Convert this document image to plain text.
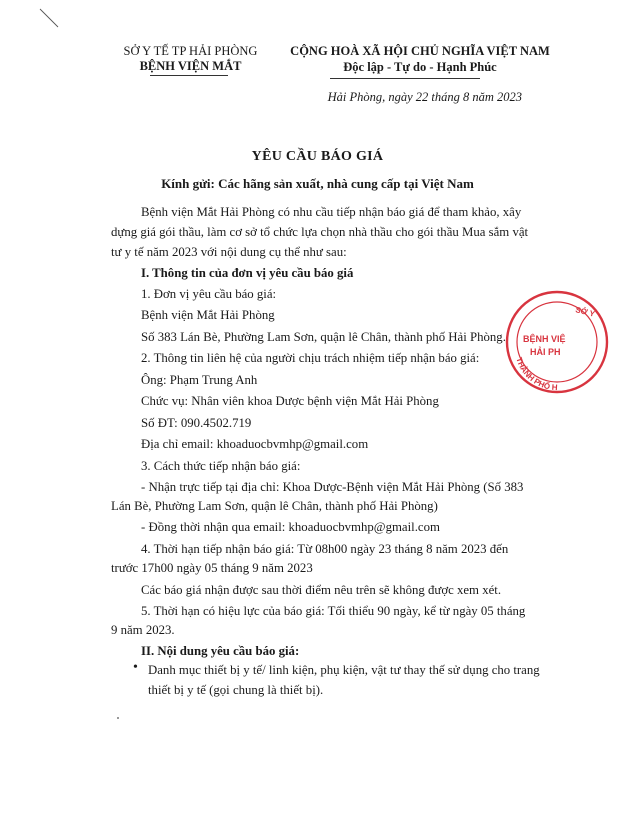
SỞ Y TẾ TP HẢI PHÒNG
BỆNH VIỆN MẮT
CỘNG HOÀ XÃ HỘI CHỦ NGHĨA VIỆT NAM
Độc lập - Tự do - Hạnh Phúc
Hải Phòng, ngày 22 tháng 8 năm 2023
YÊU CẦU BÁO GIÁ
Kính gửi: Các hãng sản xuất, nhà cung cấp tại Việt Nam
Bệnh viện Mắt Hải Phòng có nhu cầu tiếp nhận báo giá để tham khảo, xây
dựng giá gói thầu, làm cơ sở tổ chức lựa chọn nhà thầu cho gói thầu Mua sắm vật
tư y tế năm 2023 với nội dung cụ thể như sau:
I. Thông tin của đơn vị yêu cầu báo giá
1. Đơn vị yêu cầu báo giá:
Bệnh viện Mắt Hải Phòng
Số 383 Lán Bè, Phường Lam Sơn, quận lê Chân, thành phố Hải Phòng.
2. Thông tin liên hệ của người chịu trách nhiệm tiếp nhận báo giá:
Ông: Phạm Trung Anh
Chức vụ: Nhân viên khoa Dược bệnh viện Mắt Hải Phòng
Số ĐT: 090.4502.719
Địa chỉ email: khoaduocbvmhp@gmail.com
3. Cách thức tiếp nhận báo giá:
- Nhận trực tiếp tại địa chỉ: Khoa Dược-Bệnh viện Mắt Hải Phòng (Số 383
Lán Bè, Phường Lam Sơn, quận lê Chân, thành phố Hải Phòng)
- Đồng thời nhận qua email: khoaduocbvmhp@gmail.com
4. Thời hạn tiếp nhận báo giá: Từ 08h00 ngày 23 tháng 8 năm 2023 đến
trước 17h00 ngày 05 tháng 9 năm 2023
Các báo giá nhận được sau thời điểm nêu trên sẽ không được xem xét.
5. Thời hạn có hiệu lực của báo giá: Tối thiểu 90 ngày, kể từ ngày 05 tháng
9 năm 2023.
II. Nội dung yêu cầu báo giá:
• Danh mục thiết bị y tế/ linh kiện, phụ kiện, vật tư thay thế sử dụng cho trang
thiết bị y tế (gọi chung là thiết bị).
SỞ Y
BỆNH VIỆ
HẢI PH
THÀNH PHỐ H
